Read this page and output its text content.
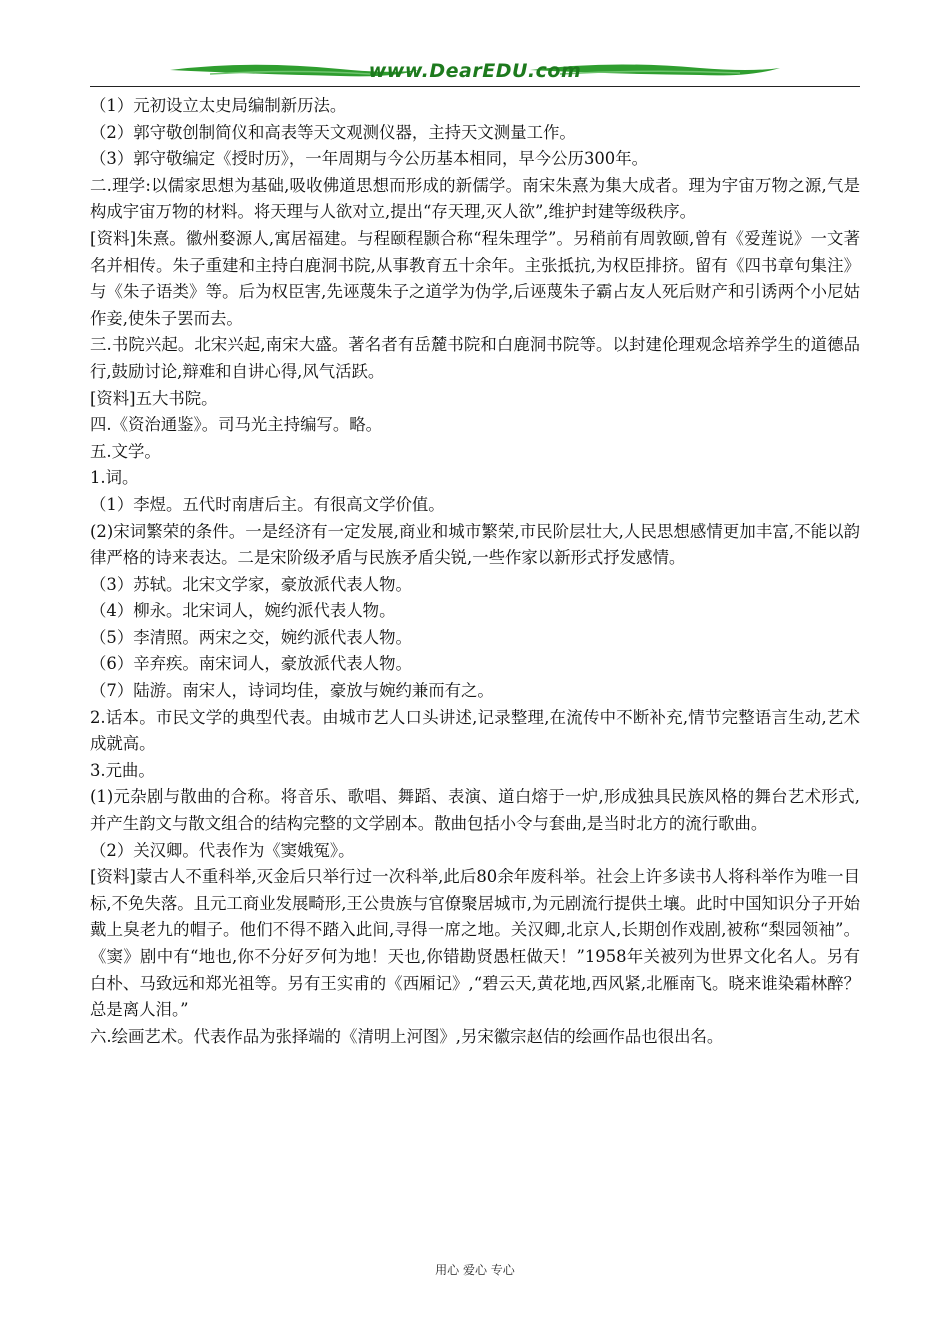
www.DearEDU.com

（1）元初设立太史局编制新历法。

（2）郭守敬创制简仪和高表等天文观测仪器，主持天文测量工作。

（3）郭守敬编定《授时历》，一年周期与今公历基本相同，早今公历300年。

二.理学:以儒家思想为基础,吸收佛道思想而形成的新儒学。南宋朱熹为集大成者。理为宇宙万物之源,气是构成宇宙万物的材料。将天理与人欲对立,提出“存天理,灭人欲”,维护封建等级秩序。

[资料]朱熹。徽州婺源人,寓居福建。与程颐程颢合称“程朱理学”。另稍前有周敦颐,曾有《爱莲说》一文著名并相传。朱子重建和主持白鹿洞书院,从事教育五十余年。主张抵抗,为权臣排挤。留有《四书章句集注》与《朱子语类》等。后为权臣害,先诬蔑朱子之道学为伪学,后诬蔑朱子霸占友人死后财产和引诱两个小尼姑作妾,使朱子罢而去。

三.书院兴起。北宋兴起,南宋大盛。著名者有岳麓书院和白鹿洞书院等。以封建伦理观念培养学生的道德品行,鼓励讨论,辩难和自讲心得,风气活跃。

[资料]五大书院。

四.《资治通鉴》。司马光主持编写。略。

五.文学。

1.词。

（1）李煜。五代时南唐后主。有很高文学价值。

(2)宋词繁荣的条件。一是经济有一定发展,商业和城市繁荣,市民阶层壮大,人民思想感情更加丰富,不能以韵律严格的诗来表达。二是宋阶级矛盾与民族矛盾尖锐,一些作家以新形式抒发感情。

（3）苏轼。北宋文学家，豪放派代表人物。

（4）柳永。北宋词人，婉约派代表人物。

（5）李清照。两宋之交，婉约派代表人物。

（6）辛弃疾。南宋词人，豪放派代表人物。

（7）陆游。南宋人，诗词均佳，豪放与婉约兼而有之。

2.话本。市民文学的典型代表。由城市艺人口头讲述,记录整理,在流传中不断补充,情节完整语言生动,艺术成就高。

3.元曲。

(1)元杂剧与散曲的合称。将音乐、歌唱、舞蹈、表演、道白熔于一炉,形成独具民族风格的舞台艺术形式,并产生韵文与散文组合的结构完整的文学剧本。散曲包括小令与套曲,是当时北方的流行歌曲。

（2）关汉卿。代表作为《窦娥冤》。

[资料]蒙古人不重科举,灭金后只举行过一次科举,此后80余年废科举。社会上许多读书人将科举作为唯一目标,不免失落。且元工商业发展畸形,王公贵族与官僚聚居城市,为元剧流行提供土壤。此时中国知识分子开始戴上臭老九的帽子。他们不得不踏入此间,寻得一席之地。关汉卿,北京人,长期创作戏剧,被称“梨园领袖”。《窦》剧中有“地也,你不分好歹何为地！天也,你错勘贤愚枉做天！”1958年关被列为世界文化名人。另有白朴、马致远和郑光祖等。另有王实甫的《西厢记》,“碧云天,黄花地,西风紧,北雁南飞。晓来谁染霜林醉？总是离人泪。”

六.绘画艺术。代表作品为张择端的《清明上河图》,另宋徽宗赵佶的绘画作品也很出名。

用心 爱心 专心
